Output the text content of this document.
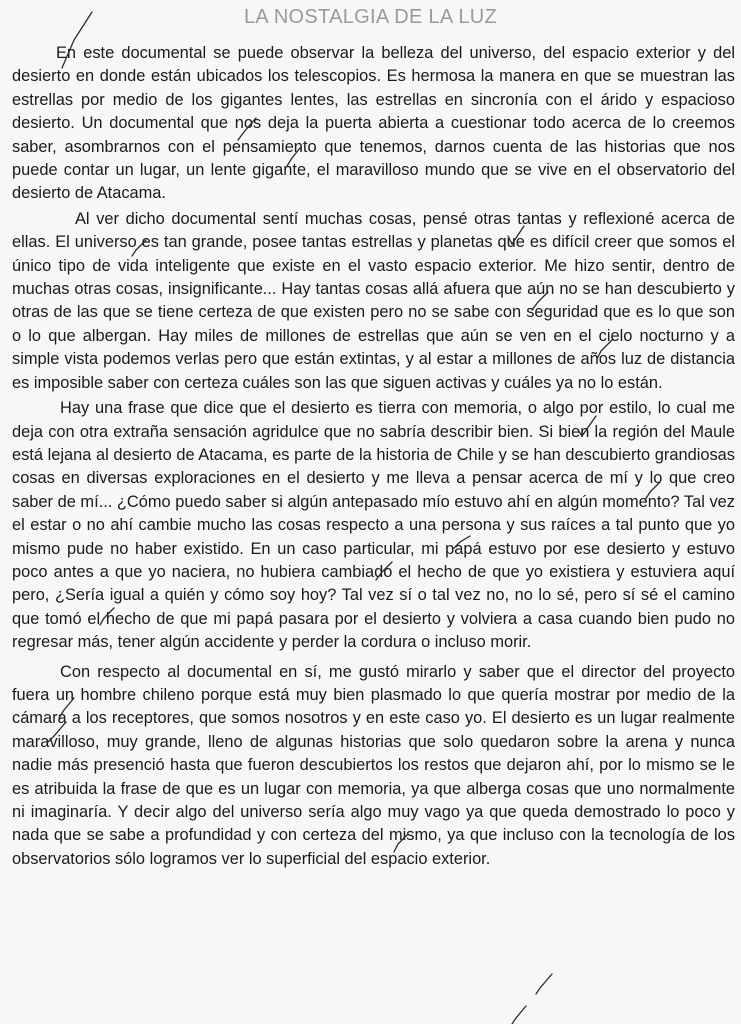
LA NOSTALGIA DE LA LUZ

En este documental se puede observar la belleza del universo, del espacio exterior y del desierto en donde están ubicados los telescopios. Es hermosa la manera en que se muestran las estrellas por medio de los gigantes lentes, las estrellas en sincronía con el árido y espacioso desierto. Un documental que nos deja la puerta abierta a cuestionar todo acerca de lo creemos saber, asombrarnos con el pensamiento que tenemos, darnos cuenta de las historias que nos puede contar un lugar, un lente gigante, el maravilloso mundo que se vive en el observatorio del desierto de Atacama.

Al ver dicho documental sentí muchas cosas, pensé otras tantas y reflexioné acerca de ellas. El universo es tan grande, posee tantas estrellas y planetas que es difícil creer que somos el único tipo de vida inteligente que existe en el vasto espacio exterior. Me hizo sentir, dentro de muchas otras cosas, insignificante... Hay tantas cosas allá afuera que aún no se han descubierto y otras de las que se tiene certeza de que existen pero no se sabe con seguridad que es lo que son o lo que albergan. Hay miles de millones de estrellas que aún se ven en el cielo nocturno y a simple vista podemos verlas pero que están extintas, y al estar a millones de años luz de distancia es imposible saber con certeza cuáles son las que siguen activas y cuáles ya no lo están.

Hay una frase que dice que el desierto es tierra con memoria, o algo por estilo, lo cual me deja con otra extraña sensación agridulce que no sabría describir bien. Si bien la región del Maule está lejana al desierto de Atacama, es parte de la historia de Chile y se han descubierto grandiosas cosas en diversas exploraciones en el desierto y me lleva a pensar acerca de mí y lo que creo saber de mí... ¿Cómo puedo saber si algún antepasado mío estuvo ahí en algún momento? Tal vez el estar o no ahí cambie mucho las cosas respecto a una persona y sus raíces a tal punto que yo mismo pude no haber existido. En un caso particular, mi papá estuvo por ese desierto y estuvo poco antes a que yo naciera, no hubiera cambiado el hecho de que yo existiera y estuviera aquí pero, ¿Sería igual a quién y cómo soy hoy? Tal vez sí o tal vez no, no lo sé, pero sí sé el camino que tomó el hecho de que mi papá pasara por el desierto y volviera a casa cuando bien pudo no regresar más, tener algún accidente y perder la cordura o incluso morir.

Con respecto al documental en sí, me gustó mirarlo y saber que el director del proyecto fuera un hombre chileno porque está muy bien plasmado lo que quería mostrar por medio de la cámara a los receptores, que somos nosotros y en este caso yo. El desierto es un lugar realmente maravilloso, muy grande, lleno de algunas historias que solo quedaron sobre la arena y nunca nadie más presenció hasta que fueron descubiertos los restos que dejaron ahí, por lo mismo se le es atribuida la frase de que es un lugar con memoria, ya que alberga cosas que uno normalmente ni imaginaría. Y decir algo del universo sería algo muy vago ya que queda demostrado lo poco y nada que se sabe a profundidad y con certeza del mismo, ya que incluso con la tecnología de los observatorios sólo logramos ver lo superficial del espacio exterior.
